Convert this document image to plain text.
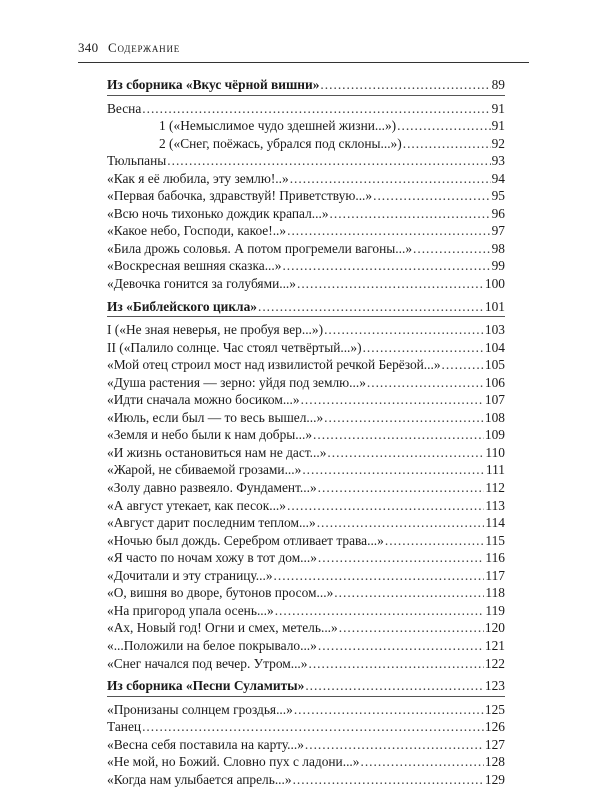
340 Содержание
Из сборника «Вкус чёрной вишни» .....	89
Весна .....	91
1 («Немыслимое чудо здешней жизни...») .....	91
2 («Снег, поёжась, убрался под склоны...») .....	92
Тюльпаны .....	93
«Как я её любила, эту землю!..» .....	94
«Первая бабочка, здравствуй! Приветствую...» .....	95
«Всю ночь тихонько дождик крапал...» .....	96
«Какое небо, Господи, какое!..» .....	97
«Била дрожь соловья. А потом прогремели вагоны...» .....	98
«Воскресная вешняя сказка...» .....	99
«Девочка гонится за голубями...» .....	100
Из «Библейского цикла» .....	101
I («Не зная неверья, не пробуя вер...») .....	103
II («Палило солнце. Час стоял четвёртый...») .....	104
«Мой отец строил мост над извилистой речкой Берёзой...» .....	105
«Душа растения — зерно: уйдя под землю...» .....	106
«Идти сначала можно босиком...» .....	107
«Июль, если был — то весь вышел...» .....	108
«Земля и небо были к нам добры...» .....	109
«И жизнь остановиться нам не даст...» .....	110
«Жарой, не сбиваемой грозами...» .....	111
«Золу давно развеяло. Фундамент...» .....	112
«А август утекает, как песок...» .....	113
«Август дарит последним теплом...» .....	114
«Ночью был дождь. Серебром отливает трава...» .....	115
«Я часто по ночам хожу в тот дом...» .....	116
«Дочитали и эту страницу...» .....	117
«О, вишня во дворе, бутонов просом...» .....	118
«На пригород упала осень...» .....	119
«Ах, Новый год! Огни и смех, метель...» .....	120
«...Положили на белое покрывало...» .....	121
«Снег начался под вечер. Утром...» .....	122
Из сборника «Песни Суламиты» .....	123
«Пронизаны солнцем гроздья...» .....	125
Танец .....	126
«Весна себя поставила на карту...» .....	127
«Не мой, но Божий. Словно пух с ладони...» .....	128
«Когда нам улыбается апрель...» .....	129
